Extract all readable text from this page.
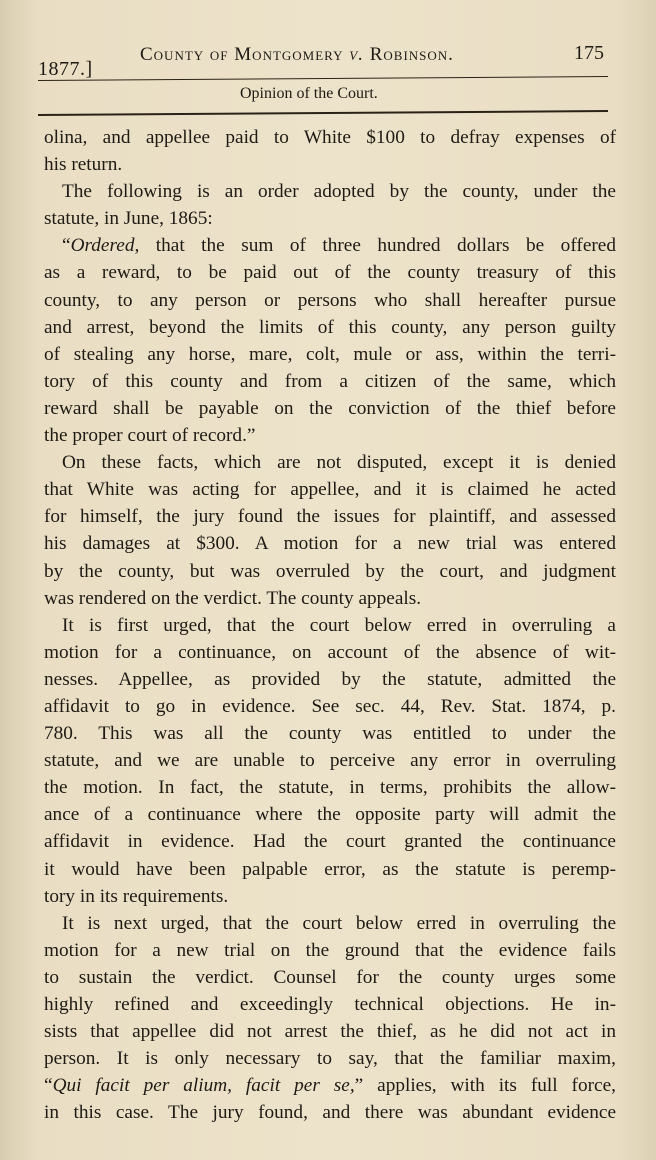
1877.]
County of Montgomery v. Robinson.	175
Opinion of the Court.
olina, and appellee paid to White $100 to defray expenses of
his return.
The following is an order adopted by the county, under the
statute, in June, 1865:
“Ordered, that the sum of three hundred dollars be offered
as a reward, to be paid out of the county treasury of this
county, to any person or persons who shall hereafter pursue
and arrest, beyond the limits of this county, any person guilty
of stealing any horse, mare, colt, mule or ass, within the terri-
tory of this county and from a citizen of the same, which
reward shall be payable on the conviction of the thief before
the proper court of record.”
On these facts, which are not disputed, except it is denied
that White was acting for appellee, and it is claimed he acted
for himself, the jury found the issues for plaintiff, and assessed
his damages at $300. A motion for a new trial was entered
by the county, but was overruled by the court, and judgment
was rendered on the verdict. The county appeals.
It is first urged, that the court below erred in overruling a
motion for a continuance, on account of the absence of wit-
nesses. Appellee, as provided by the statute, admitted the
affidavit to go in evidence. See sec. 44, Rev. Stat. 1874, p.
780. This was all the county was entitled to under the
statute, and we are unable to perceive any error in overruling
the motion. In fact, the statute, in terms, prohibits the allow-
ance of a continuance where the opposite party will admit the
affidavit in evidence. Had the court granted the continuance
it would have been palpable error, as the statute is peremp-
tory in its requirements.
It is next urged, that the court below erred in overruling the
motion for a new trial on the ground that the evidence fails
to sustain the verdict. Counsel for the county urges some
highly refined and exceedingly technical objections. He in-
sists that appellee did not arrest the thief, as he did not act in
person. It is only necessary to say, that the familiar maxim,
“Qui facit per alium, facit per se,” applies, with its full force,
in this case. The jury found, and there was abundant evidence
